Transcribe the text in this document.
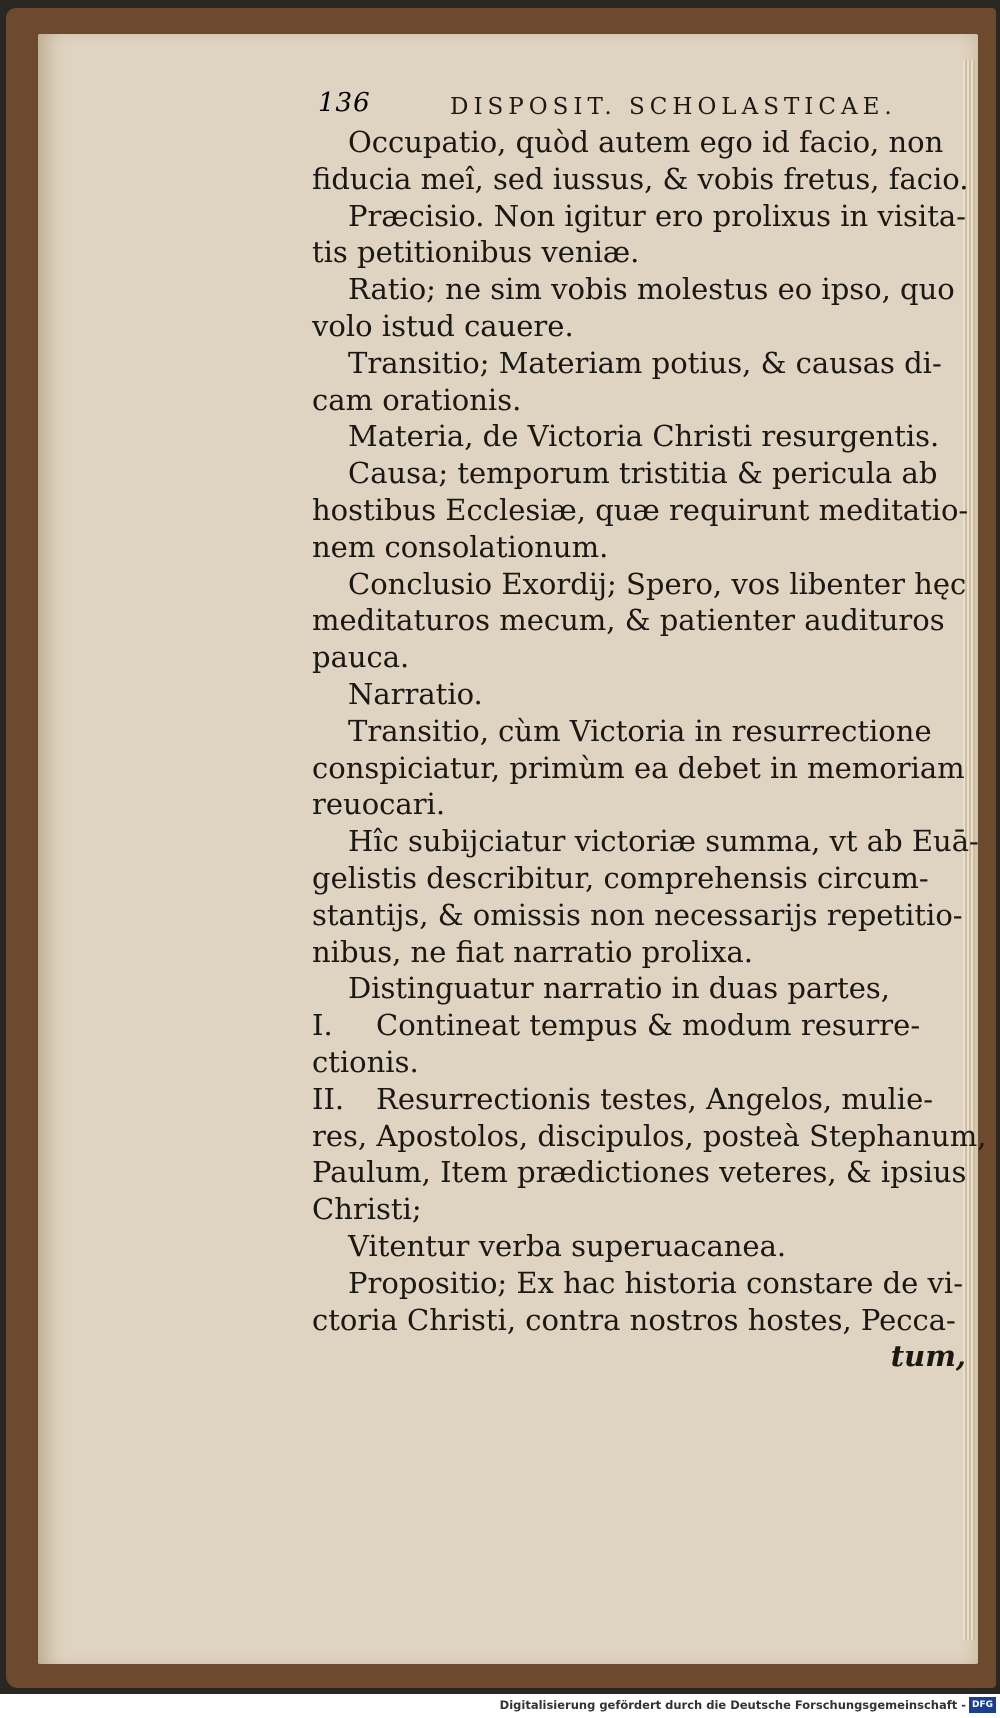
136	DISPOSIT. SCHOLASTICAE.
Occupatio, quòd autem ego id facio, non
fiducia meî, sed iussus, & vobis fretus, facio.
Præcisio. Non igitur ero prolixus in visita-
tis petitionibus veniæ.
Ratio; ne sim vobis molestus eo ipso, quo
volo istud cauere.
Transitio; Materiam potius, & causas di-
cam orationis.
Materia, de Victoria Christi resurgentis.
Causa; temporum tristitia & pericula ab
hostibus Ecclesiæ, quæ requirunt meditatio-
nem consolationum.
Conclusio Exordij; Spero, vos libenter hęc
meditaturos mecum, & patienter audituros
pauca.
Narratio.
Transitio, cùm Victoria in resurrectione
conspiciatur, primùm ea debet in memoriam
reuocari.
Hîc subijciatur victoriæ summa, vt ab Euā-
gelistis describitur, comprehensis circum-
stantijs, & omissis non necessarijs repetitio-
nibus, ne fiat narratio prolixa.
Distinguatur narratio in duas partes,
I. Contineat tempus & modum resurre-
ctionis.
II. Resurrectionis testes, Angelos, mulie-
res, Apostolos, discipulos, posteà Stephanum,
Paulum, Item prædictiones veteres, & ipsius
Christi;
Vitentur verba superuacanea.
Propositio; Ex hac historia constare de vi-
ctoria Christi, contra nostros hostes, Pecca-
tum,
Digitalisierung gefördert durch die Deutsche Forschungsgemeinschaft - DFG
